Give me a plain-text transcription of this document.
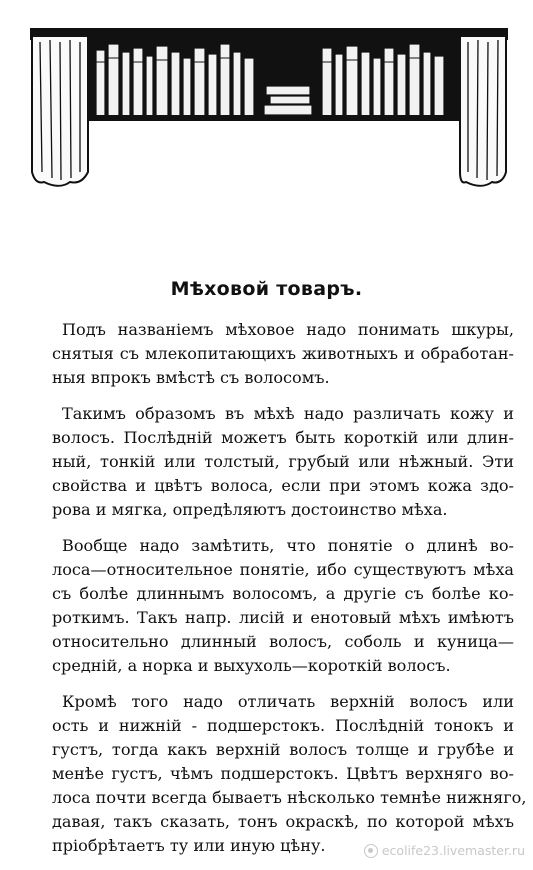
Мѣховой товаръ.
Подъ названіемъ мѣховое надо понимать шкуры,
снятыя съ млекопитающихъ животныхъ и обработан-
ныя впрокъ вмѣстѣ съ волосомъ.
Такимъ образомъ въ мѣхѣ надо различать кожу и
волосъ. Послѣдній можетъ быть короткій или длин-
ный, тонкій или толстый, грубый или нѣжный. Эти
свойства и цвѣтъ волоса, если при этомъ кожа здо-
рова и мягка, опредѣляютъ достоинство мѣха.
Вообще надо замѣтить, что понятіе о длинѣ во-
лоса—относительное понятіе, ибо существуютъ мѣха
съ болѣе длиннымъ волосомъ, а другіе съ болѣе ко-
роткимъ. Такъ напр. лисій и енотовый мѣхъ имѣютъ
относительно длинный волосъ, соболь и куница—
средній, а норка и выхухоль—короткій волосъ.
Кромѣ того надо отличать верхній волосъ или
ость и нижній - подшерстокъ. Послѣдній тонокъ и
густъ, тогда какъ верхній волосъ толще и грубѣе и
менѣе густъ, чѣмъ подшерстокъ. Цвѣтъ верхняго во-
лоса почти всегда бываетъ нѣсколько темнѣе нижняго,
давая, такъ сказать, тонъ окраскѣ, по которой мѣхъ
пріобрѣтаетъ ту или иную цѣну.	ecolife23.livemaster.ru
